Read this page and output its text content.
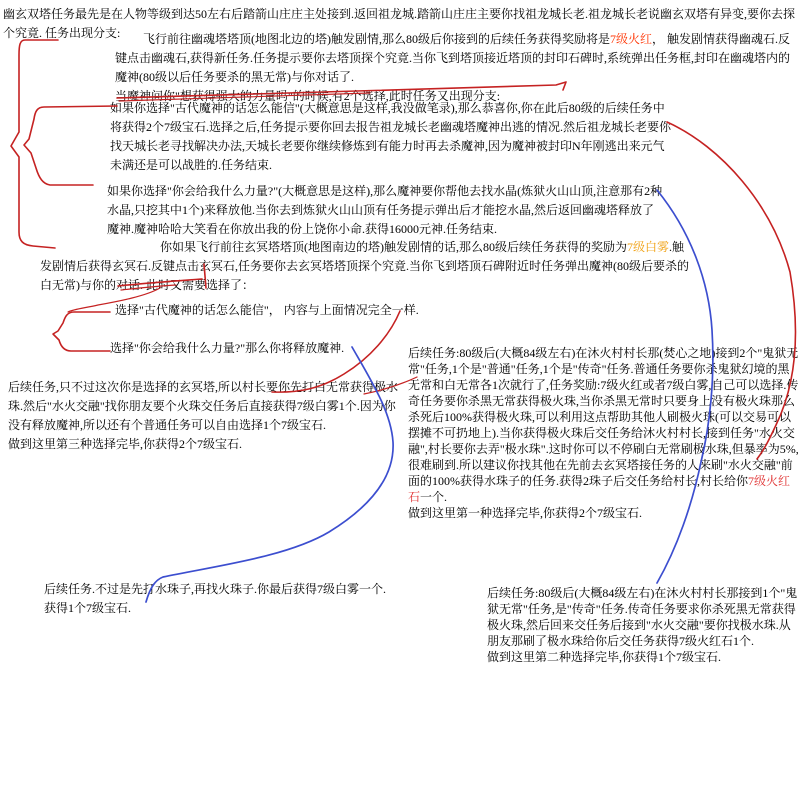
幽玄双塔任务最先是在人物等级到达50左右后踏箭山庄庄主处接到.返回祖龙城.踏箭山庄庄主要你找祖龙城长老.祖龙城长老说幽玄双塔有异变,要你去探个究竟. 任务出现分支:	飞行前往幽魂塔塔顶(地图北边的塔)触发剧情,那么80级后你接到的后续任务获得奖励将是7级火红， 触发剧情获得幽魂石.反键点击幽魂石,获得新任务.任务提示要你去塔顶探个究竟.当你飞到塔顶接近塔顶的封印石碑时,系统弹出任务框,封印在幽魂塔内的魔神(80级以后任务要杀的黑无常)与你对话了.
当魔神问你"想获得强大的力量吗"的时候,有2个选择,此时任务又出现分支:
如果你选择"古代魔神的话怎么能信"(大概意思是这样,我没做笔录),那么恭喜你,你在此后80级的后续任务中将获得2个7级宝石.选择之后,任务提示要你回去报告祖龙城长老幽魂塔魔神出逃的情况.然后祖龙城长老要你找天城长老寻找解决办法,天城长老要你继续修炼到有能力时再去杀魔神,因为魔神被封印N年刚逃出来元气未满还是可以战胜的.任务结束.
如果你选择"你会给我什么力量?"(大概意思是这样),那么魔神要你帮他去找水晶(炼狱火山山顶,注意那有2种水晶,只挖其中1个)来释放他.当你去到炼狱火山山顶有任务提示弹出后才能挖水晶,然后返回幽魂塔释放了魔神.魔神哈哈大笑看在你放出我的份上饶你小命.获得16000元神.任务结束.
你如果飞行前往玄冥塔塔顶(地图南边的塔)触发剧情的话,那么80级后续任务获得的奖励为7级白雾.触发剧情后获得玄冥石.反键点击玄冥石,任务要你去玄冥塔塔顶探个究竟.当你飞到塔顶石碑附近时任务弹出魔神(80级后要杀的白无常)与你的对话. 此时又需要选择了：
选择"古代魔神的话怎么能信"， 内容与上面情况完全一样.
选择"你会给我什么力量?"那么你将释放魔神.
后续任务,只不过这次你是选择的玄冥塔,所以村长要你先打白无常获得极水珠.然后"水火交融"找你朋友要个火珠交任务后直接获得7级白雾1个.因为你没有释放魔神,所以还有个普通任务可以自由选择1个7级宝石.
做到这里第三种选择完毕,你获得2个7级宝石.
后续任务:80级后(大概84级左右)在沐火村村长那(焚心之地)接到2个"鬼狱无常"任务,1个是"普通"任务,1个是"传奇"任务.普通任务要你杀鬼狱幻境的黑无常和白无常各1次就行了,任务奖励:7级火红或者7级白雾,自己可以选择.传奇任务要你杀黑无常获得极火珠,当你杀黑无常时只要身上没有极火珠那么杀死后100%获得极火珠,可以利用这点帮助其他人刷极火珠(可以交易可以摆摊不可扔地上).当你获得极火珠后交任务给沐火村村长,接到任务"水火交融",村长要你去弄"极水珠".这时你可以不停刷白无常刷极水珠,但暴率为5%,很难刷到.所以建议你找其他在先前去玄冥塔接任务的人来刷"水火交融"前面的100%获得水珠子的任务.获得2珠子后交任务给村长,村长给你7级火红石一个.
做到这里第一种选择完毕,你获得2个7级宝石.
后续任务.不过是先打水珠子,再找火珠子.你最后获得7级白雾一个.
获得1个7级宝石.
后续任务:80级后(大概84级左右)在沐火村村长那接到1个"鬼狱无常"任务,是"传奇"任务.传奇任务要求你杀死黑无常获得极火珠,然后回来交任务后接到"水火交融"要你找极水珠.从朋友那刷了极水珠给你后交任务获得7级火红石1个.
做到这里第二种选择完毕,你获得1个7级宝石.
